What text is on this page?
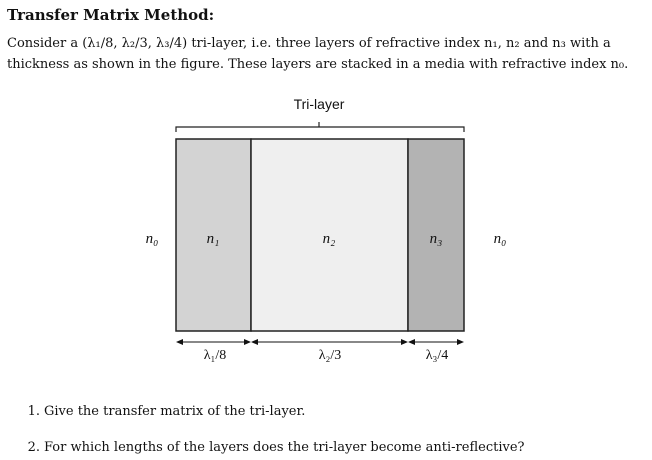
Transfer Matrix Method:

Consider a (λ₁/8, λ₂/3, λ₃/4) tri-layer, i.e. three layers of refractive index n₁, n₂ and n₃ with a

thickness as shown in the figure. These layers are stacked in a media with refractive index n₀.

Tri-layer
n₀	n₁	n₂	n₃	n₀
λ₁/8	λ₂/3	λ₃/4
1. Give the transfer matrix of the tri-layer.
2. For which lengths of the layers does the tri-layer become anti-reflective?
